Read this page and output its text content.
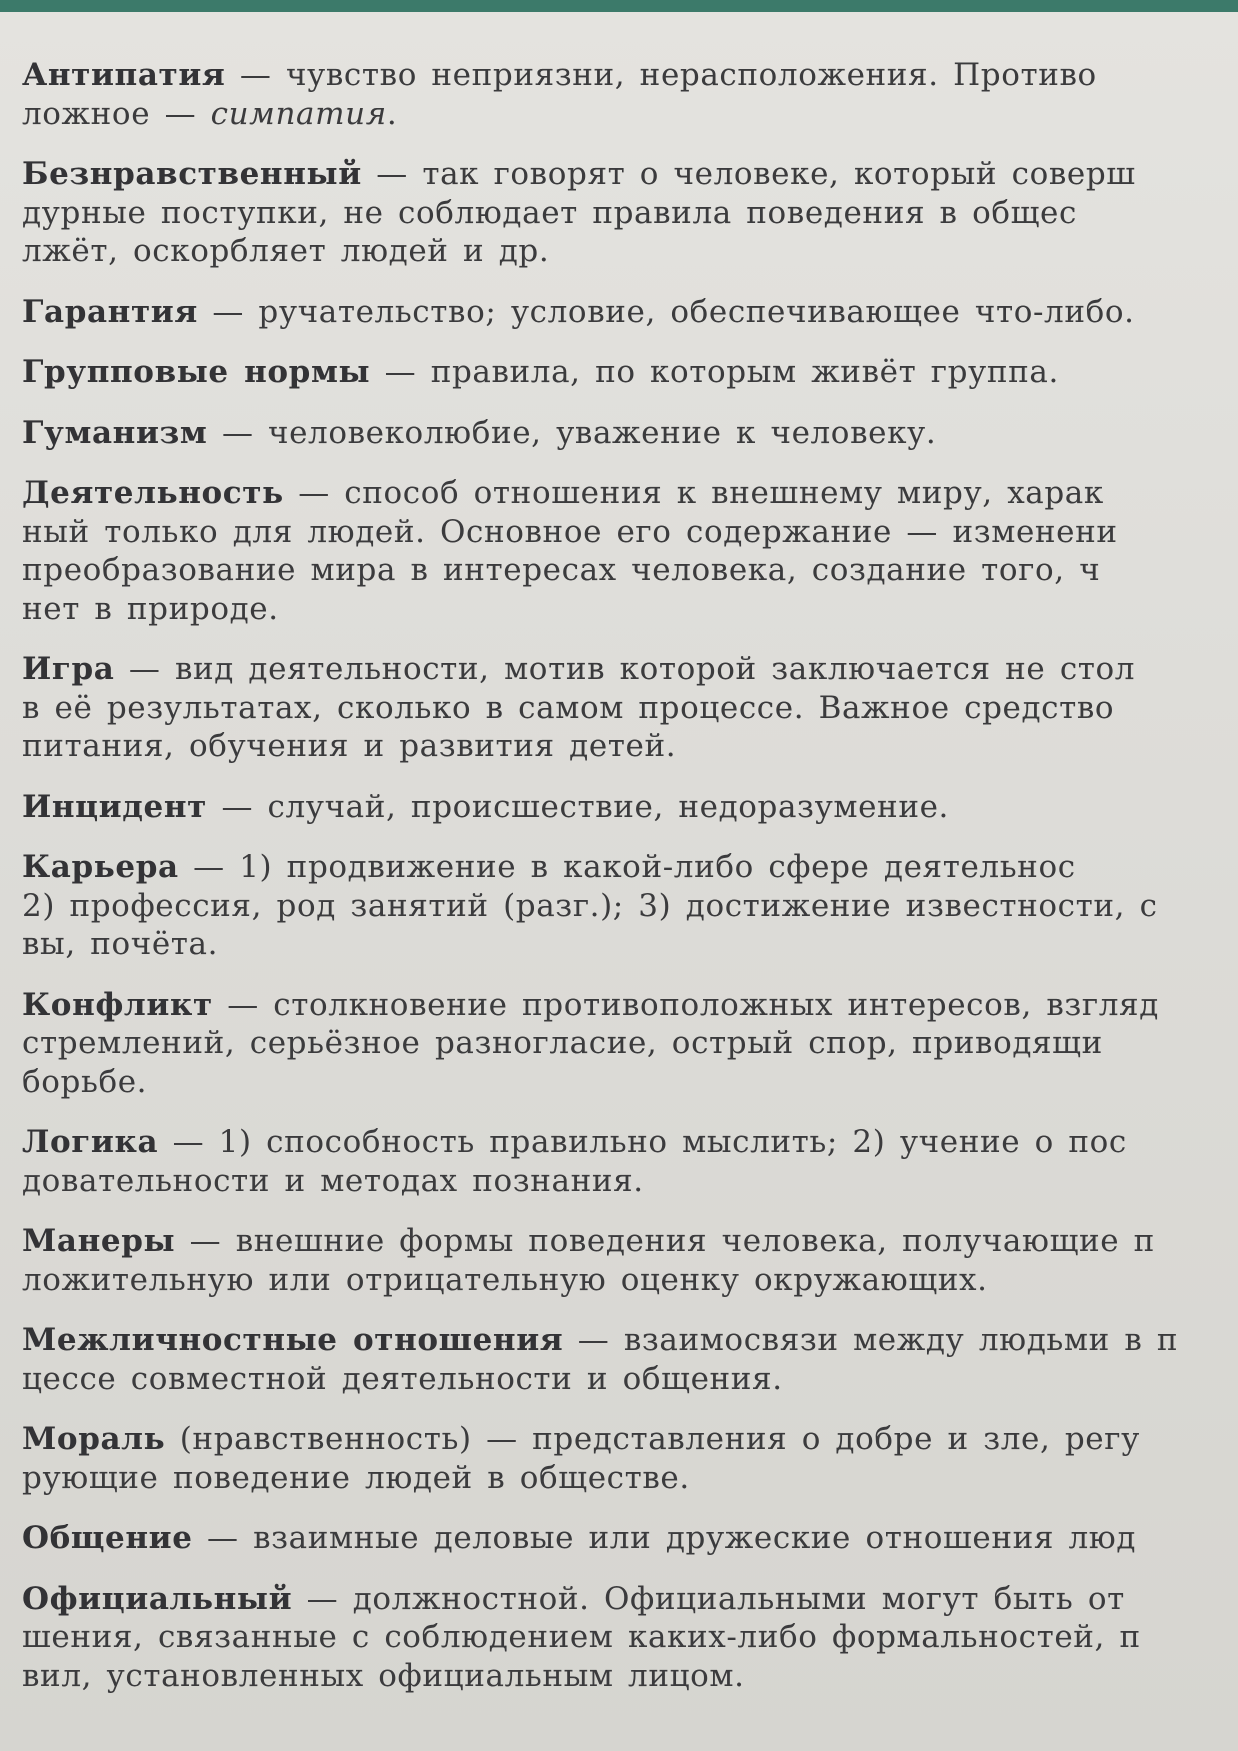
Антипатия — чувство неприязни, нерасположения. Противо
ложное — симпатия.
Безнравственный — так говорят о человеке, который соверш
дурные поступки, не соблюдает правила поведения в общес
лжёт, оскорбляет людей и др.
Гарантия — ручательство; условие, обеспечивающее что-либо.
Групповые нормы — правила, по которым живёт группа.
Гуманизм — человеколюбие, уважение к человеку.
Деятельность — способ отношения к внешнему миру, харак
ный только для людей. Основное его содержание — изменени
преобразование мира в интересах человека, создание того, ч
нет в природе.
Игра — вид деятельности, мотив которой заключается не стол
в её результатах, сколько в самом процессе. Важное средство
питания, обучения и развития детей.
Инцидент — случай, происшествие, недоразумение.
Карьера — 1) продвижение в какой-либо сфере деятельнос
2) профессия, род занятий (разг.); 3) достижение известности, с
вы, почёта.
Конфликт — столкновение противоположных интересов, взгляд
стремлений, серьёзное разногласие, острый спор, приводящи
борьбе.
Логика — 1) способность правильно мыслить; 2) учение о пос
довательности и методах познания.
Манеры — внешние формы поведения человека, получающие п
ложительную или отрицательную оценку окружающих.
Межличностные отношения — взаимосвязи между людьми в п
цессе совместной деятельности и общения.
Мораль (нравственность) — представления о добре и зле, регу
рующие поведение людей в обществе.
Общение — взаимные деловые или дружеские отношения люд
Официальный — должностной. Официальными могут быть от
шения, связанные с соблюдением каких-либо формальностей, п
вил, установленных официальным лицом.
